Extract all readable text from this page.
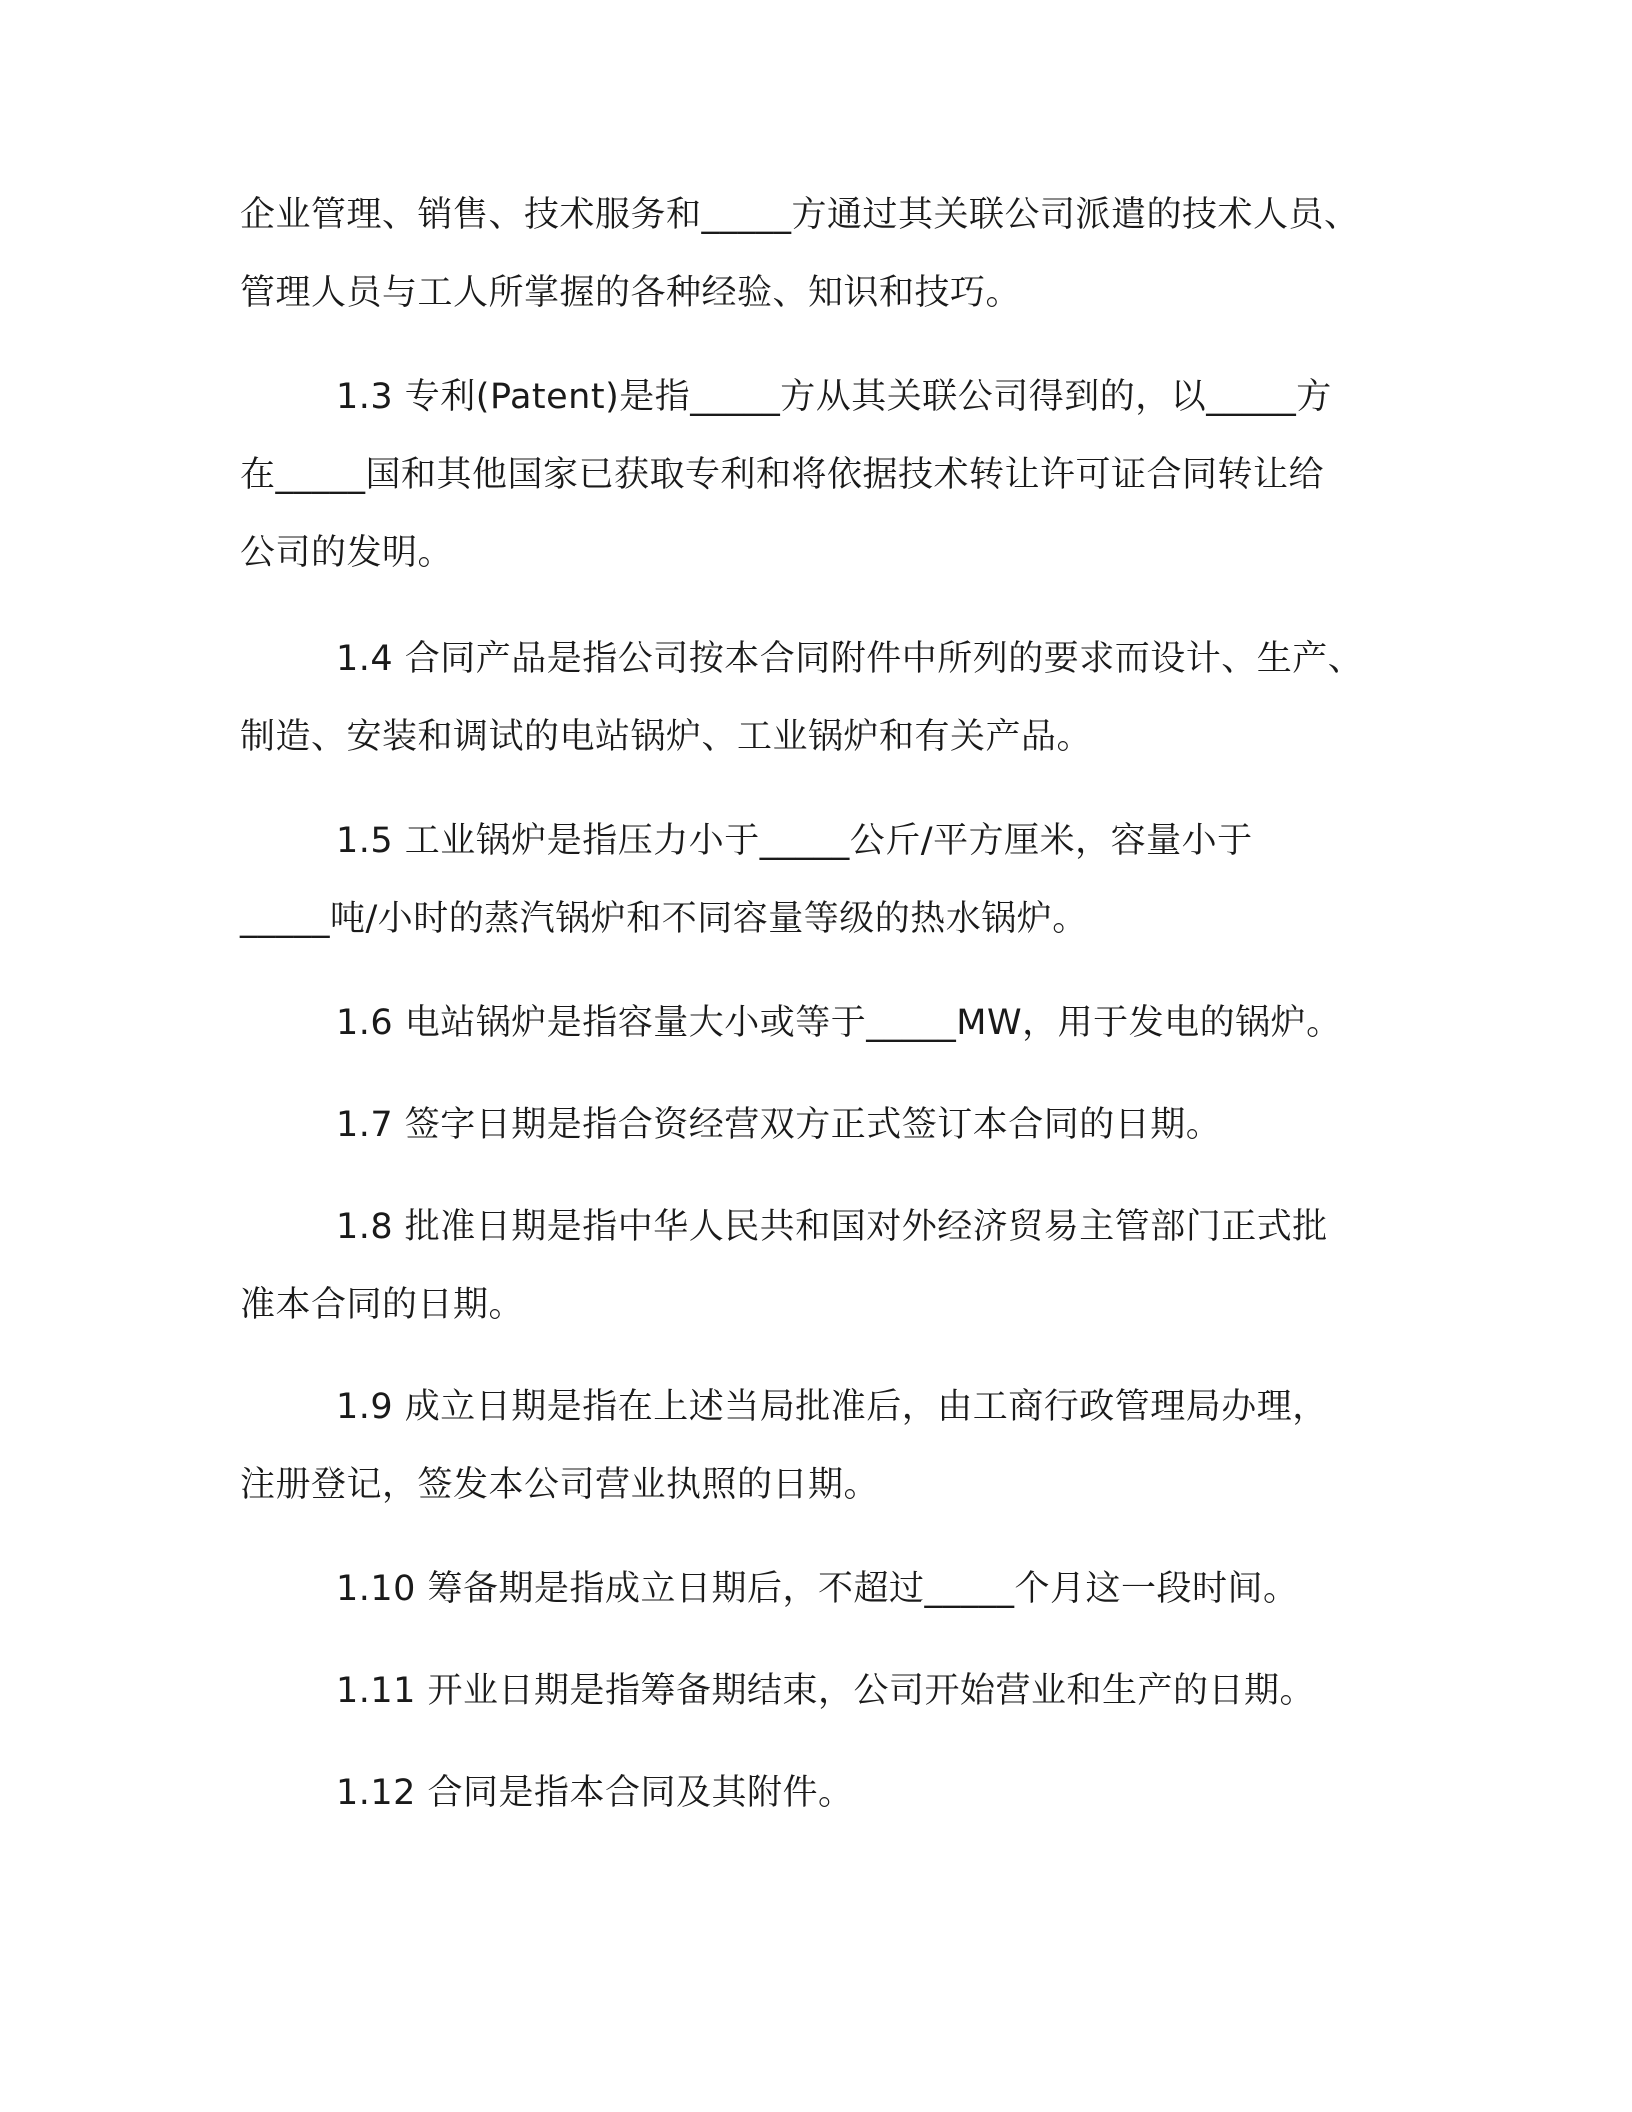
企业管理、销售、技术服务和_____方通过其关联公司派遣的技术人员、
管理人员与工人所掌握的各种经验、知识和技巧。
1.3 专利(Patent)是指_____方从其关联公司得到的，以_____方
在_____国和其他国家已获取专利和将依据技术转让许可证合同转让给
公司的发明。
1.4 合同产品是指公司按本合同附件中所列的要求而设计、生产、
制造、安装和调试的电站锅炉、工业锅炉和有关产品。
1.5 工业锅炉是指压力小于_____公斤/平方厘米，容量小于
_____吨/小时的蒸汽锅炉和不同容量等级的热水锅炉。
1.6 电站锅炉是指容量大小或等于_____MW，用于发电的锅炉。
1.7 签字日期是指合资经营双方正式签订本合同的日期。
1.8 批准日期是指中华人民共和国对外经济贸易主管部门正式批
准本合同的日期。
1.9 成立日期是指在上述当局批准后，由工商行政管理局办理，
注册登记，签发本公司营业执照的日期。
1.10 筹备期是指成立日期后，不超过_____个月这一段时间。
1.11 开业日期是指筹备期结束，公司开始营业和生产的日期。
1.12 合同是指本合同及其附件。
